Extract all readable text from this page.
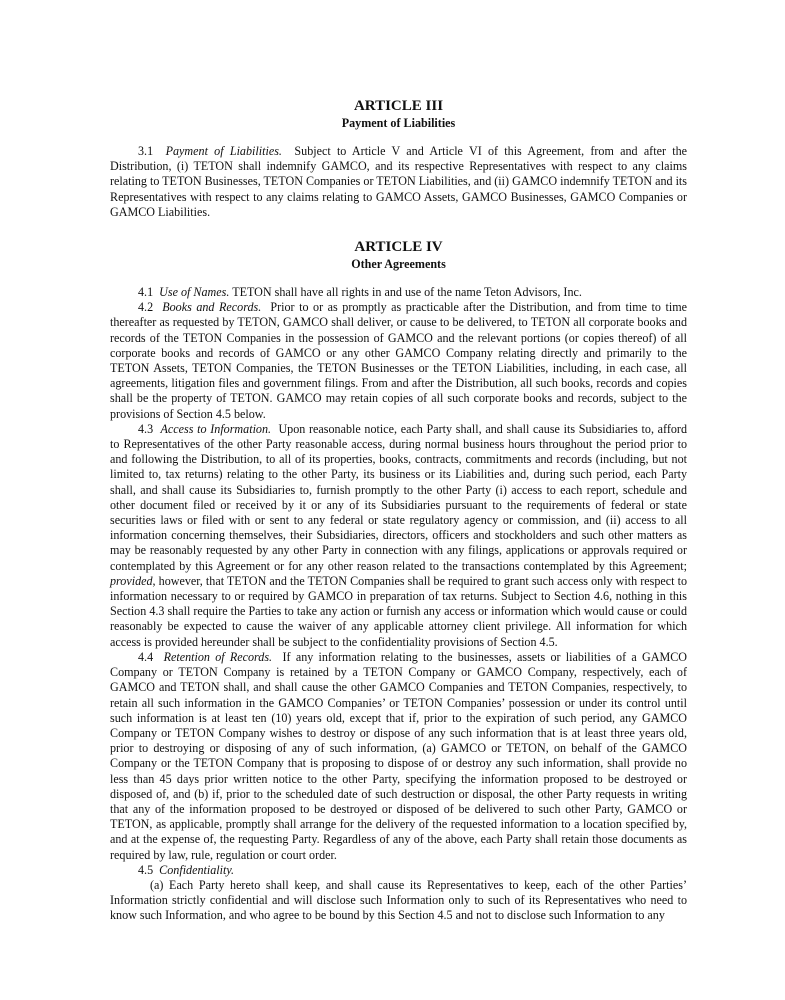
ARTICLE III
Payment of Liabilities

3.1 Payment of Liabilities. Subject to Article V and Article VI of this Agreement, from and after the Distribution, (i) TETON shall indemnify GAMCO, and its respective Representatives with respect to any claims relating to TETON Businesses, TETON Companies or TETON Liabilities, and (ii) GAMCO indemnify TETON and its Representatives with respect to any claims relating to GAMCO Assets, GAMCO Businesses, GAMCO Companies or GAMCO Liabilities.

ARTICLE IV
Other Agreements

4.1 Use of Names. TETON shall have all rights in and use of the name Teton Advisors, Inc.

4.2 Books and Records. Prior to or as promptly as practicable after the Distribution, and from time to time thereafter as requested by TETON, GAMCO shall deliver, or cause to be delivered, to TETON all corporate books and records of the TETON Companies in the possession of GAMCO and the relevant portions (or copies thereof) of all corporate books and records of GAMCO or any other GAMCO Company relating directly and primarily to the TETON Assets, TETON Companies, the TETON Businesses or the TETON Liabilities, including, in each case, all agreements, litigation files and government filings. From and after the Distribution, all such books, records and copies shall be the property of TETON. GAMCO may retain copies of all such corporate books and records, subject to the provisions of Section 4.5 below.

4.3 Access to Information. Upon reasonable notice, each Party shall, and shall cause its Subsidiaries to, afford to Representatives of the other Party reasonable access, during normal business hours throughout the period prior to and following the Distribution, to all of its properties, books, contracts, commitments and records (including, but not limited to, tax returns) relating to the other Party, its business or its Liabilities and, during such period, each Party shall, and shall cause its Subsidiaries to, furnish promptly to the other Party (i) access to each report, schedule and other document filed or received by it or any of its Subsidiaries pursuant to the requirements of federal or state securities laws or filed with or sent to any federal or state regulatory agency or commission, and (ii) access to all information concerning themselves, their Subsidiaries, directors, officers and stockholders and such other matters as may be reasonably requested by any other Party in connection with any filings, applications or approvals required or contemplated by this Agreement or for any other reason related to the transactions contemplated by this Agreement; provided, however, that TETON and the TETON Companies shall be required to grant such access only with respect to information necessary to or required by GAMCO in preparation of tax returns. Subject to Section 4.6, nothing in this Section 4.3 shall require the Parties to take any action or furnish any access or information which would cause or could reasonably be expected to cause the waiver of any applicable attorney client privilege. All information for which access is provided hereunder shall be subject to the confidentiality provisions of Section 4.5.

4.4 Retention of Records. If any information relating to the businesses, assets or liabilities of a GAMCO Company or TETON Company is retained by a TETON Company or GAMCO Company, respectively, each of GAMCO and TETON shall, and shall cause the other GAMCO Companies and TETON Companies, respectively, to retain all such information in the GAMCO Companies’ or TETON Companies’ possession or under its control until such information is at least ten (10) years old, except that if, prior to the expiration of such period, any GAMCO Company or TETON Company wishes to destroy or dispose of any such information that is at least three years old, prior to destroying or disposing of any of such information, (a) GAMCO or TETON, on behalf of the GAMCO Company or the TETON Company that is proposing to dispose of or destroy any such information, shall provide no less than 45 days prior written notice to the other Party, specifying the information proposed to be destroyed or disposed of, and (b) if, prior to the scheduled date of such destruction or disposal, the other Party requests in writing that any of the information proposed to be destroyed or disposed of be delivered to such other Party, GAMCO or TETON, as applicable, promptly shall arrange for the delivery of the requested information to a location specified by, and at the expense of, the requesting Party. Regardless of any of the above, each Party shall retain those documents as required by law, rule, regulation or court order.

4.5 Confidentiality.

(a) Each Party hereto shall keep, and shall cause its Representatives to keep, each of the other Parties’ Information strictly confidential and will disclose such Information only to such of its Representatives who need to know such Information, and who agree to be bound by this Section 4.5 and not to disclose such Information to any
